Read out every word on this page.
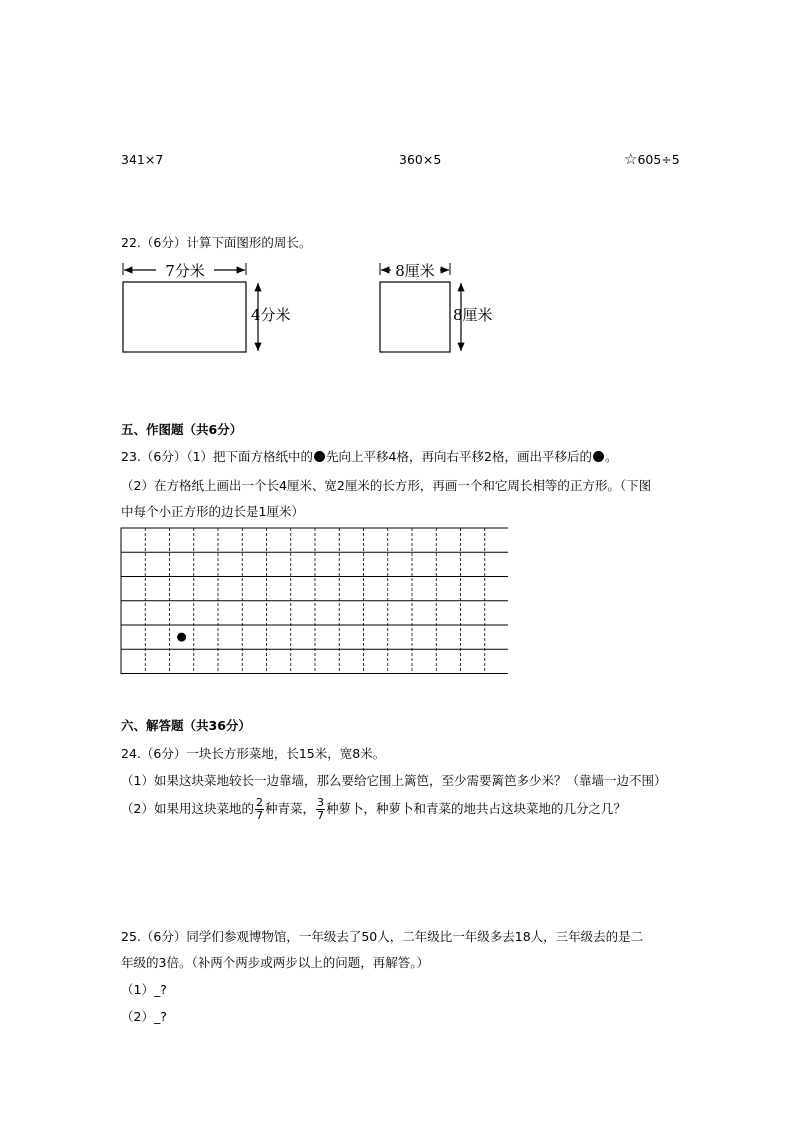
341×7	360×5	☆605÷5
22.（6分）计算下面图形的周长。
7分米
4分米
8厘米
8厘米
五、作图题（共6分）
23.（6分）（1）把下面方格纸中的 先向上平移4格，再向右平移2格，画出平移后的 。
（2）在方格纸上画出一个长4厘米、宽2厘米的长方形，再画一个和它周长相等的正方形。（下图
中每个小正方形的边长是1厘米）
六、解答题（共36分）
24.（6分）一块长方形菜地，长15米，宽8米。
（1）如果这块菜地较长一边靠墙，那么要给它围上篱笆，至少需要篱笆多少米？（靠墙一边不围）
（2）如果用这块菜地的 $\frac{2}{7}$ 种青菜， $\frac{3}{7}$ 种萝卜，种萝卜和青菜的地共占这块菜地的几分之几？
25.（6分）同学们参观博物馆，一年级去了50人，二年级比一年级多去18人，三年级去的是二
年级的3倍。（补两个两步或两步以上的问题，再解答。）
（1）_?
（2）_?
